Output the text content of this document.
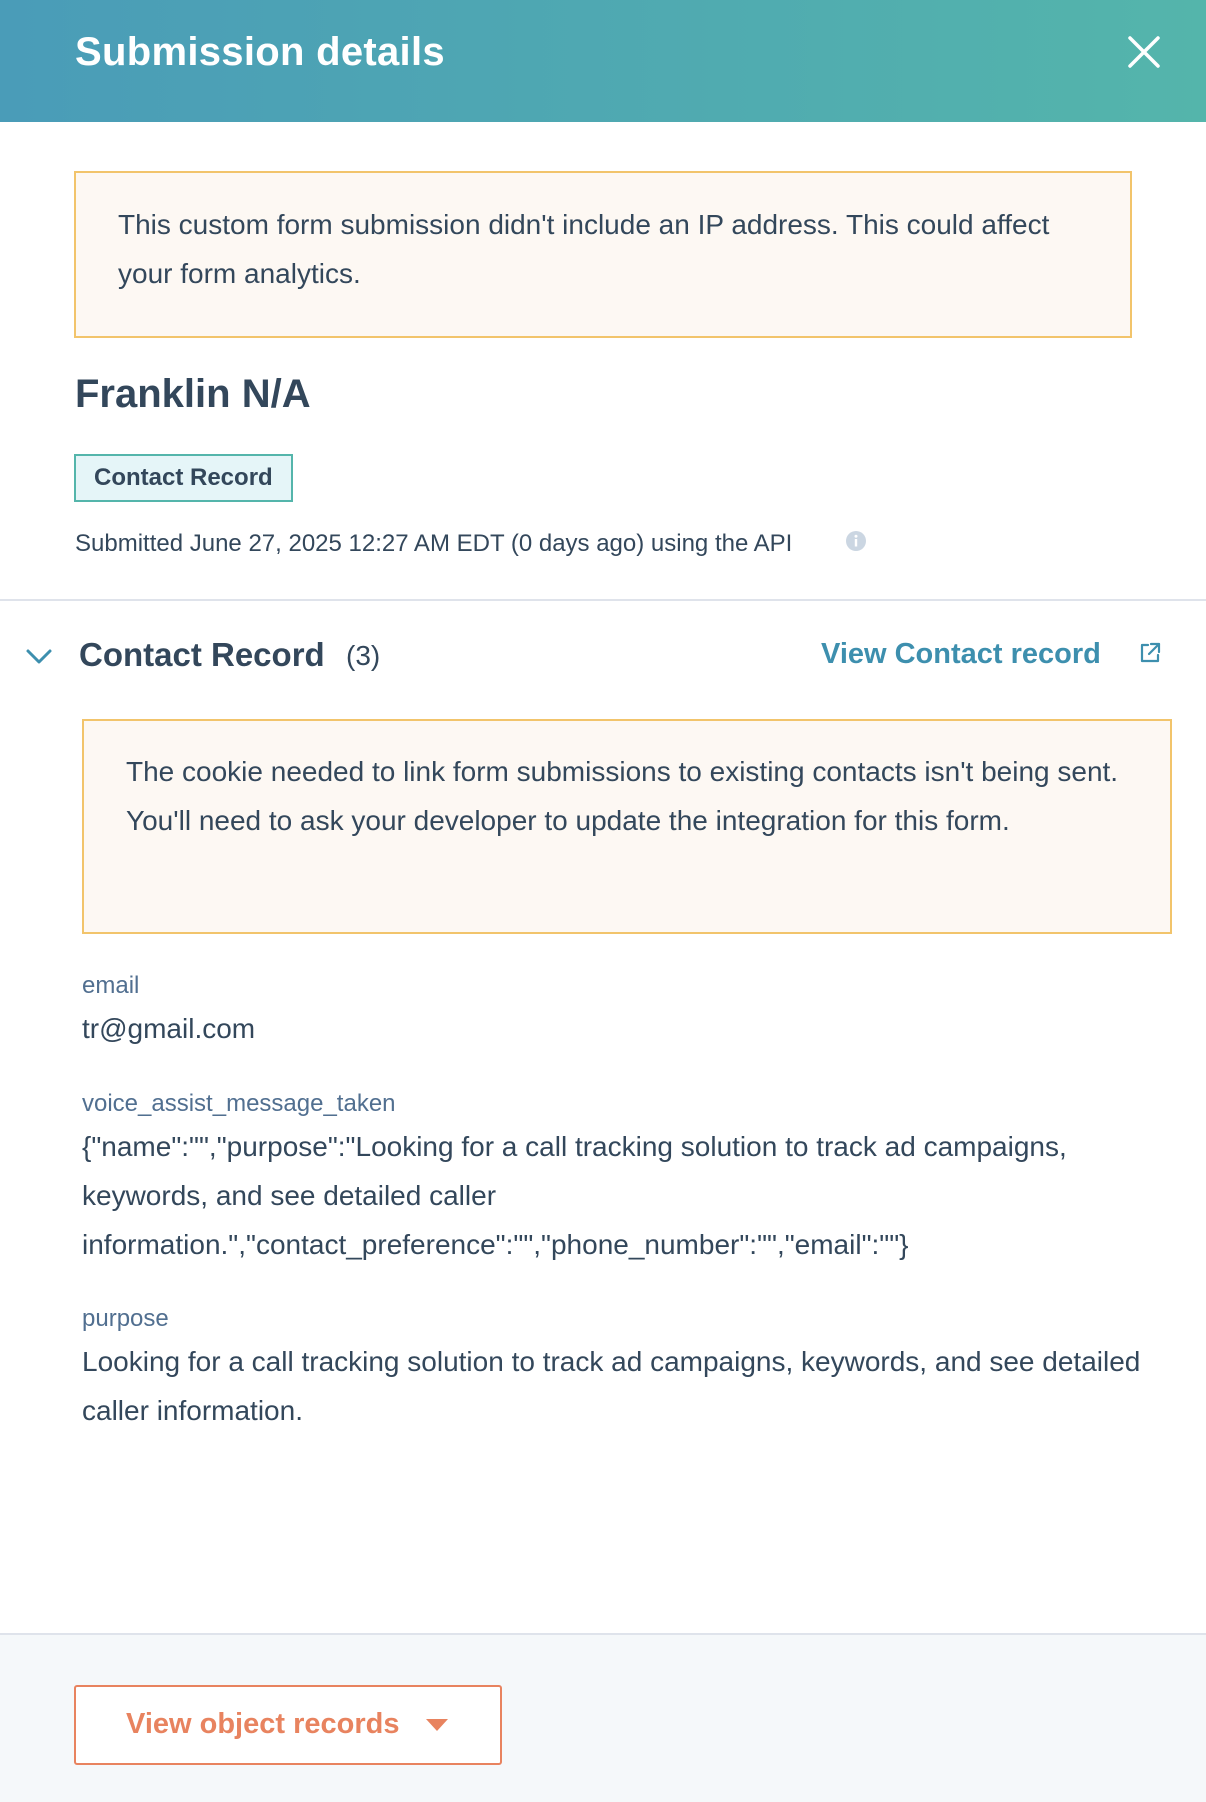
Submission details
This custom form submission didn't include an IP address. This could affect your form analytics.
Franklin N/A
Contact Record
Submitted June 27, 2025 12:27 AM EDT (0 days ago) using the API
Contact Record (3)	View Contact record
The cookie needed to link form submissions to existing contacts isn't being sent. You'll need to ask your developer to update the integration for this form.
email
tr@gmail.com
voice_assist_message_taken
{"name":"","purpose":"Looking for a call tracking solution to track ad campaigns, keywords, and see detailed caller information.","contact_preference":"","phone_number":"","email":""}
purpose
Looking for a call tracking solution to track ad campaigns, keywords, and see detailed caller information.
View object records
